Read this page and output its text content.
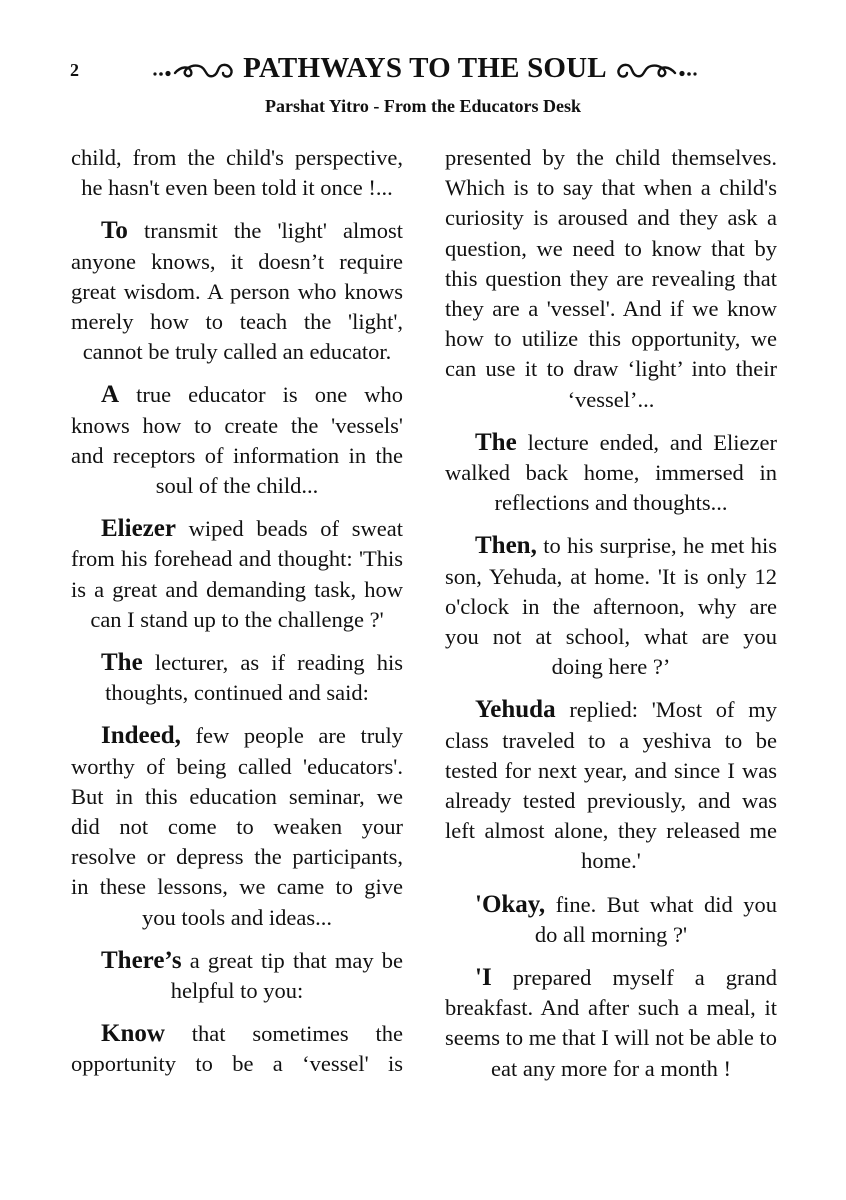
2	PATHWAYS TO THE SOUL
Parshat Yitro - From the Educators Desk

child, from the child's perspective, he hasn't even been told it once !...

To transmit the 'light' almost anyone knows, it doesn’t require great wisdom. A person who knows merely how to teach the 'light', cannot be truly called an educator.

A true educator is one who knows how to create the 'vessels' and receptors of information in the soul of the child...

Eliezer wiped beads of sweat from his forehead and thought: 'This is a great and demanding task, how can I stand up to the challenge ?'

The lecturer, as if reading his thoughts, continued and said:

Indeed, few people are truly worthy of being called 'educators'. But in this education seminar, we did not come to weaken your resolve or depress the participants, in these lessons, we came to give you tools and ideas...

There’s a great tip that may be helpful to you:

Know that sometimes the opportunity to be a ‘vessel' is

presented by the child themselves. Which is to say that when a child's curiosity is aroused and they ask a question, we need to know that by this question they are revealing that they are a 'vessel'. And if we know how to utilize this opportunity, we can use it to draw ‘light’ into their ‘vessel’...

The lecture ended, and Eliezer walked back home, immersed in reflections and thoughts...

Then, to his surprise, he met his son, Yehuda, at home. 'It is only 12 o'clock in the afternoon, why are you not at school, what are you doing here ?’

Yehuda replied: 'Most of my class traveled to a yeshiva to be tested for next year, and since I was already tested previously, and was left almost alone, they released me home.'

'Okay, fine. But what did you do all morning ?'

'I prepared myself a grand breakfast. And after such a meal, it seems to me that I will not be able to eat any more for a month !
